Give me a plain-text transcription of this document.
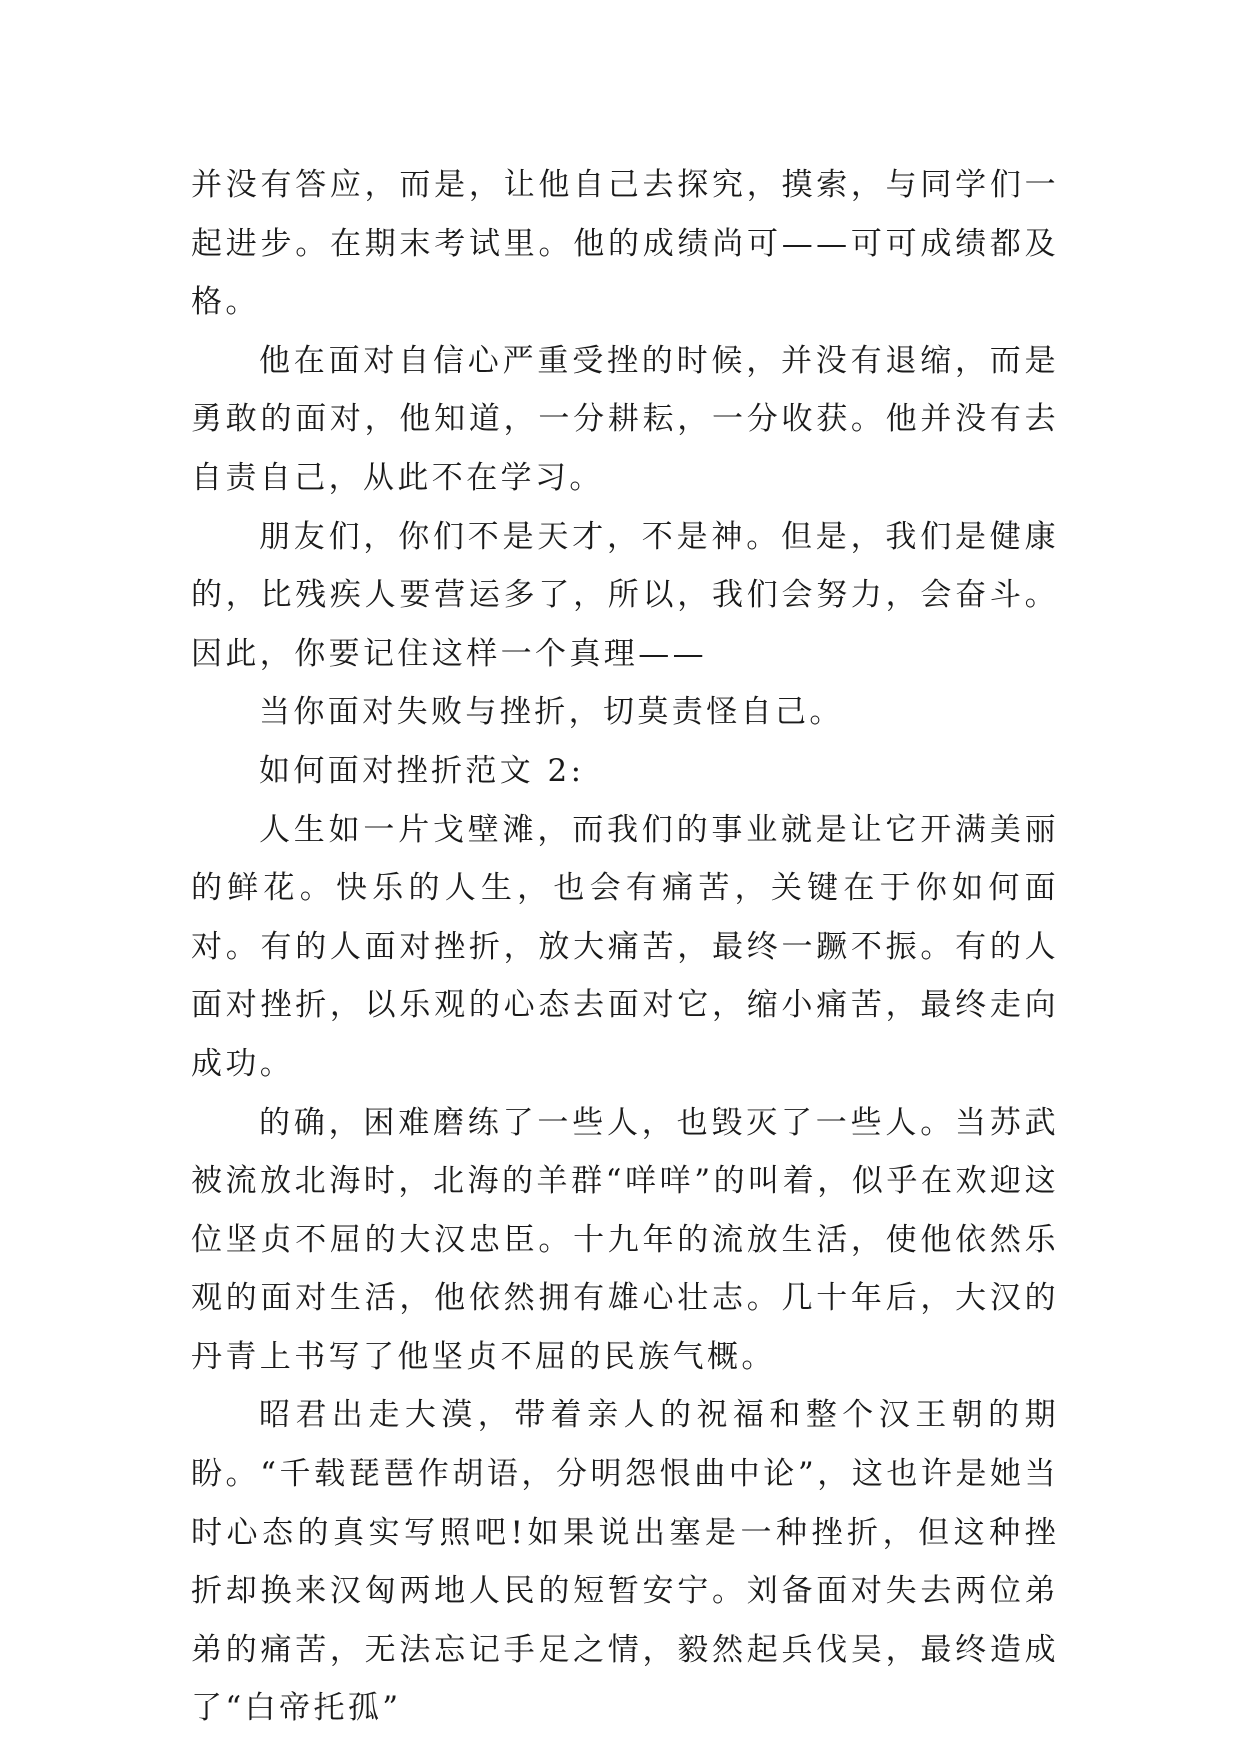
并没有答应，而是，让他自己去探究，摸索，与同学们一起进步。在期末考试里。他的成绩尚可——可可成绩都及格。

他在面对自信心严重受挫的时候，并没有退缩，而是勇敢的面对，他知道，一分耕耘，一分收获。他并没有去自责自己，从此不在学习。

朋友们，你们不是天才，不是神。但是，我们是健康的，比残疾人要营运多了，所以，我们会努力，会奋斗。因此，你要记住这样一个真理——

当你面对失败与挫折，切莫责怪自己。

如何面对挫折范文 2:

人生如一片戈壁滩，而我们的事业就是让它开满美丽的鲜花。快乐的人生，也会有痛苦，关键在于你如何面对。有的人面对挫折，放大痛苦，最终一蹶不振。有的人面对挫折，以乐观的心态去面对它，缩小痛苦，最终走向成功。

的确，困难磨练了一些人，也毁灭了一些人。当苏武被流放北海时，北海的羊群“咩咩”的叫着，似乎在欢迎这位坚贞不屈的大汉忠臣。十九年的流放生活，使他依然乐观的面对生活，他依然拥有雄心壮志。几十年后，大汉的丹青上书写了他坚贞不屈的民族气概。

昭君出走大漠，带着亲人的祝福和整个汉王朝的期盼。“千载琵琶作胡语，分明怨恨曲中论”，这也许是她当时心态的真实写照吧!如果说出塞是一种挫折，但这种挫折却换来汉匈两地人民的短暂安宁。刘备面对失去两位弟弟的痛苦，无法忘记手足之情，毅然起兵伐吴，最终造成了“白帝托孤”
